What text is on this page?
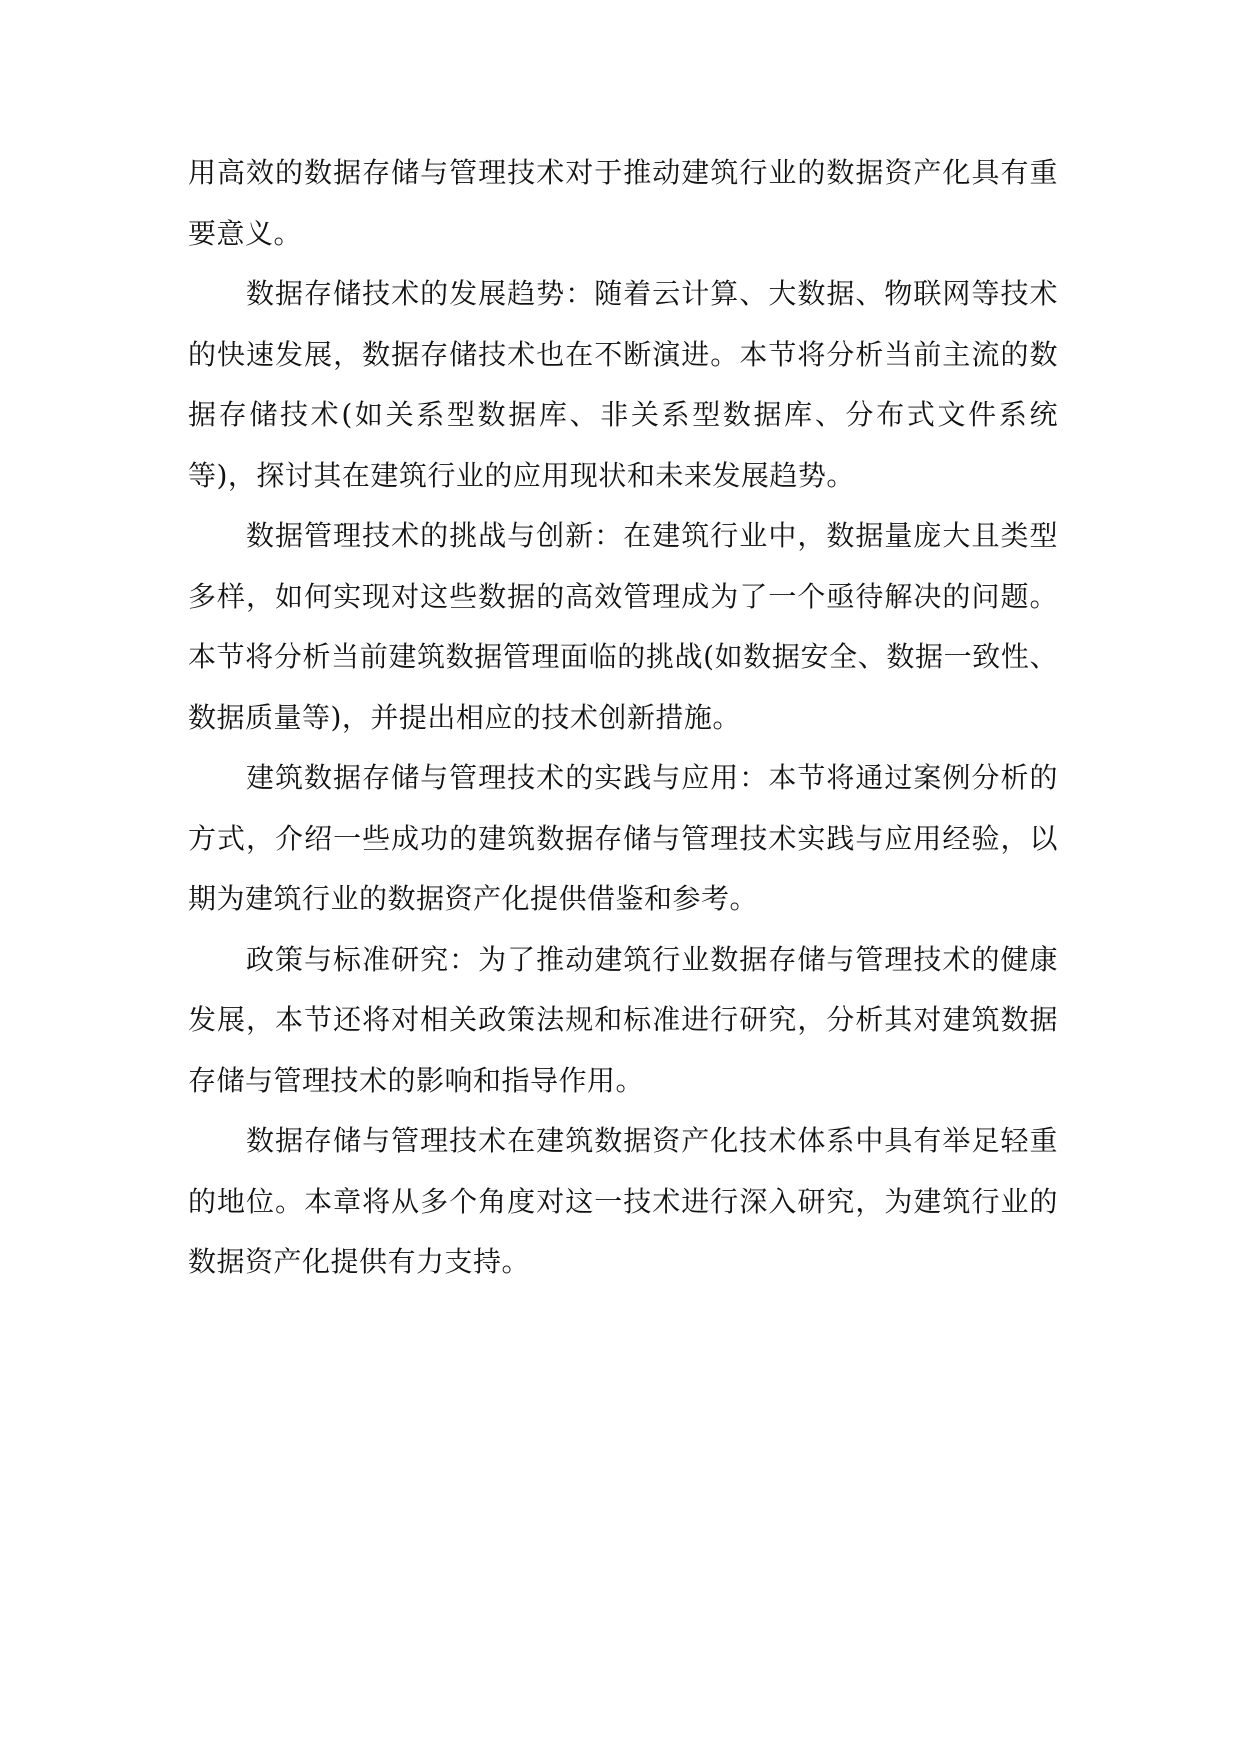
用高效的数据存储与管理技术对于推动建筑行业的数据资产化具有重要意义。

数据存储技术的发展趋势：随着云计算、大数据、物联网等技术的快速发展，数据存储技术也在不断演进。本节将分析当前主流的数据存储技术(如关系型数据库、非关系型数据库、分布式文件系统等)，探讨其在建筑行业的应用现状和未来发展趋势。

数据管理技术的挑战与创新：在建筑行业中，数据量庞大且类型多样，如何实现对这些数据的高效管理成为了一个亟待解决的问题。本节将分析当前建筑数据管理面临的挑战(如数据安全、数据一致性、数据质量等)，并提出相应的技术创新措施。

建筑数据存储与管理技术的实践与应用：本节将通过案例分析的方式，介绍一些成功的建筑数据存储与管理技术实践与应用经验，以期为建筑行业的数据资产化提供借鉴和参考。

政策与标准研究：为了推动建筑行业数据存储与管理技术的健康发展，本节还将对相关政策法规和标准进行研究，分析其对建筑数据存储与管理技术的影响和指导作用。

数据存储与管理技术在建筑数据资产化技术体系中具有举足轻重的地位。本章将从多个角度对这一技术进行深入研究，为建筑行业的数据资产化提供有力支持。
